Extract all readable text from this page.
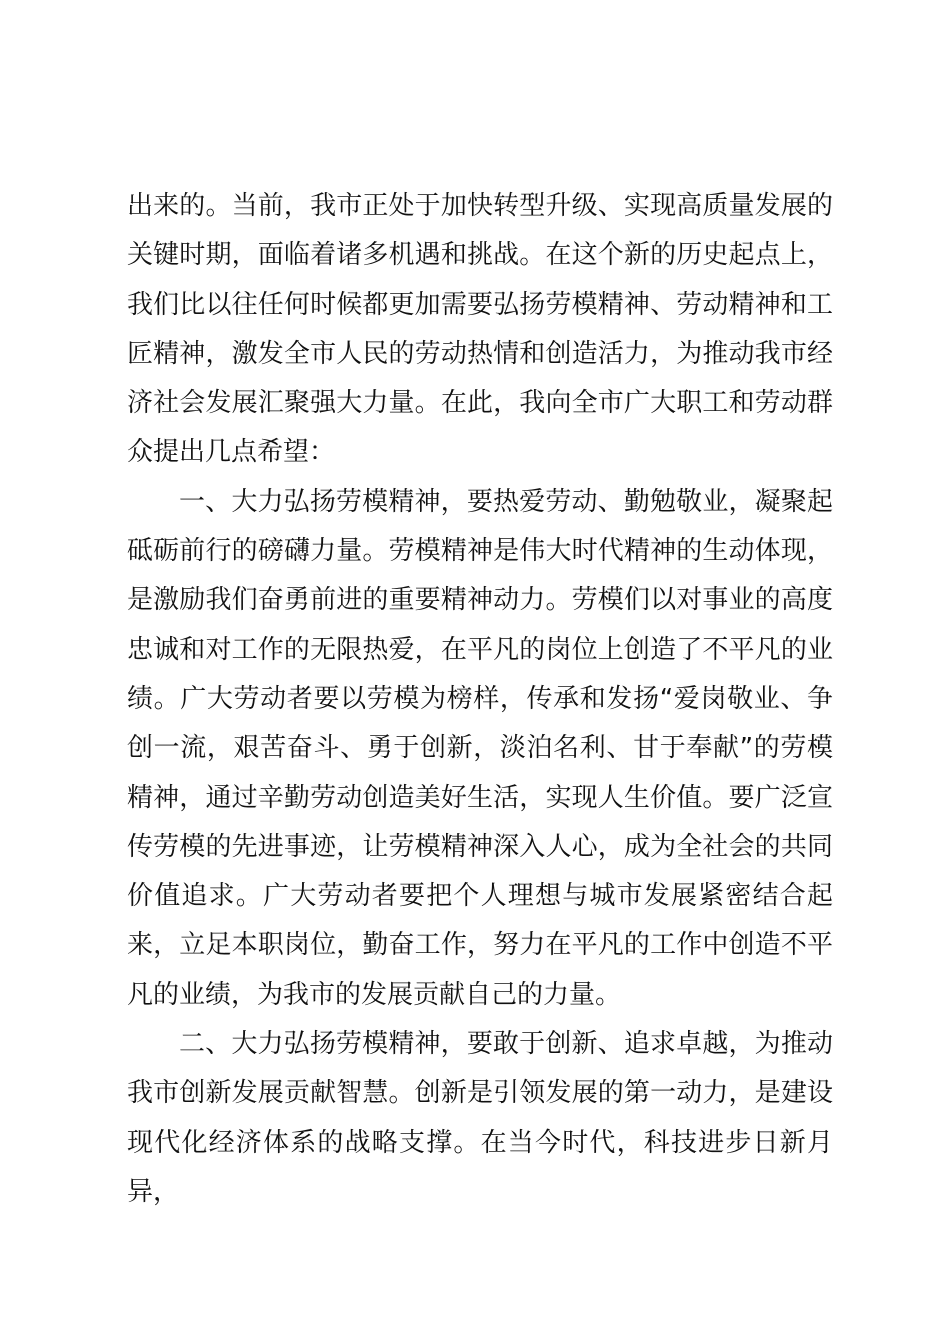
出来的。当前，我市正处于加快转型升级、实现高质量发展的关键时期，面临着诸多机遇和挑战。在这个新的历史起点上，我们比以往任何时候都更加需要弘扬劳模精神、劳动精神和工匠精神，激发全市人民的劳动热情和创造活力，为推动我市经济社会发展汇聚强大力量。在此，我向全市广大职工和劳动群众提出几点希望：

一、大力弘扬劳模精神，要热爱劳动、勤勉敬业，凝聚起砥砺前行的磅礴力量。劳模精神是伟大时代精神的生动体现，是激励我们奋勇前进的重要精神动力。劳模们以对事业的高度忠诚和对工作的无限热爱，在平凡的岗位上创造了不平凡的业绩。广大劳动者要以劳模为榜样，传承和发扬“爱岗敬业、争创一流，艰苦奋斗、勇于创新，淡泊名利、甘于奉献”的劳模精神，通过辛勤劳动创造美好生活，实现人生价值。要广泛宣传劳模的先进事迹，让劳模精神深入人心，成为全社会的共同价值追求。广大劳动者要把个人理想与城市发展紧密结合起来，立足本职岗位，勤奋工作，努力在平凡的工作中创造不平凡的业绩，为我市的发展贡献自己的力量。

二、大力弘扬劳模精神，要敢于创新、追求卓越，为推动我市创新发展贡献智慧。创新是引领发展的第一动力，是建设现代化经济体系的战略支撑。在当今时代，科技进步日新月异，
